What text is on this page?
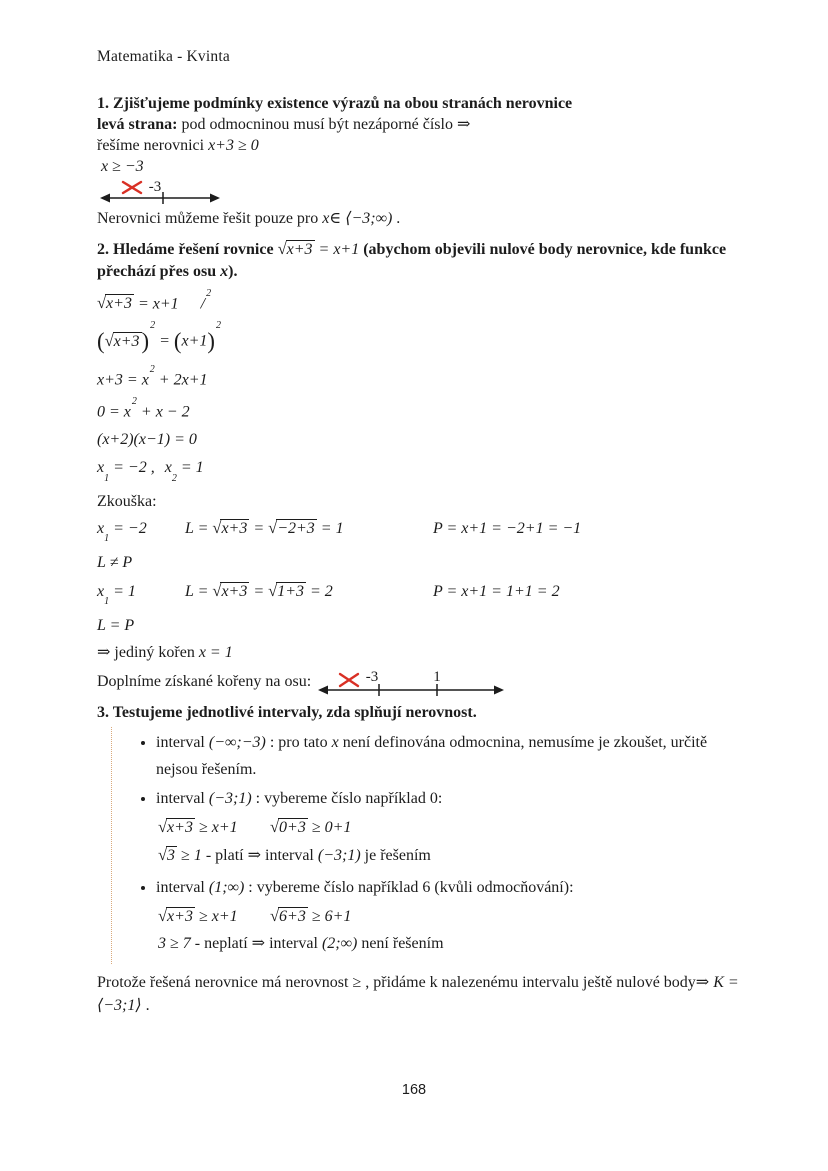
Matematika - Kvinta

1. Zjišťujeme podmínky existence výrazů na obou stranách nerovnice

levá strana: pod odmocninou musí být nezáporné číslo ⇒

řešíme nerovnici x+3 ≥ 0

x ≥ −3

-3

Nerovnici můžeme řešit pouze pro x∈ ⟨−3;∞) .

2. Hledáme řešení rovnice √x+3 = x+1 (abychom objevili nulové body nerovnice, kde funkce přechází přes osu x).

√x+3 = x+1 /$^2$
$(√x+3)^2 = (x+1)^2$
$x+3 = x^2 + 2x+1$
$0 = x^2 + x - 2$
(x+2)(x−1) = 0
$x_1 = -2$ , $x_2 = 1$

Zkouška:

$x_1 = -2$	L = √x+3 = √−2+3 = 1	P = x+1 = −2+1 = −1
L ≠ P
$x_1 = 1$	L = √x+3 = √1+3 = 2	P = x+1 = 1+1 = 2
L = P

⇒ jediný kořen x = 1

Doplníme získané kořeny na osu:	-3	1

3. Testujeme jednotlivé intervaly, zda splňují nerovnost.

• interval (−∞;−3) : pro tato x není definována odmocnina, nemusíme je zkoušet, určitě nejsou řešením.
• interval (−3;1) : vybereme číslo například 0:
√x+3 ≥ x+1	√0+3 ≥ 0+1
√3 ≥ 1 - platí ⇒ interval (−3;1) je řešením
• interval (1;∞) : vybereme číslo například 6 (kvůli odmocňování):
√x+3 ≥ x+1	√6+3 ≥ 6+1
3 ≥ 7 - neplatí ⇒ interval (2;∞) není řešením

Protože řešená nerovnice má nerovnost ≥ , přidáme k nalezenému intervalu ještě nulové body⇒ K = ⟨−3;1⟩ .

168
